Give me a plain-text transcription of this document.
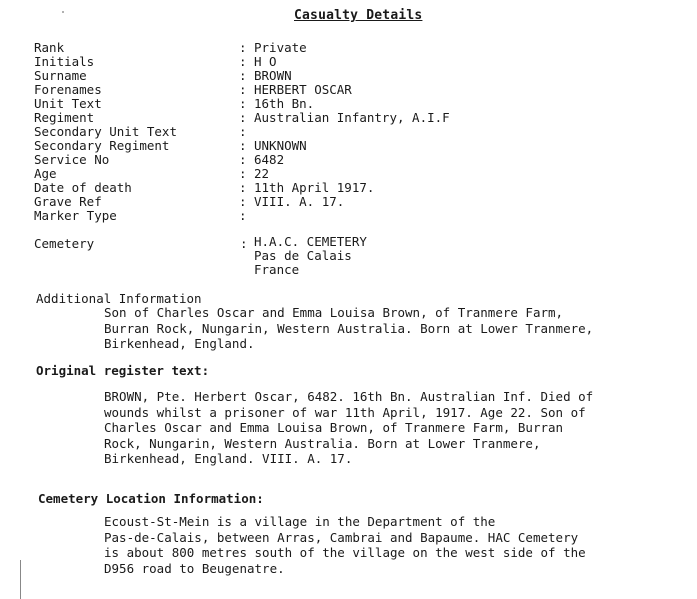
Casualty Details
Rank	: Private
Initials	: H O
Surname	: BROWN
Forenames	: HERBERT OSCAR
Unit Text	: 16th Bn.
Regiment	: Australian Infantry, A.I.F
Secondary Unit Text	:
Secondary Regiment	: UNKNOWN
Service No	: 6482
Age	: 22
Date of death	: 11th April 1917.
Grave Ref	: VIII. A. 17.
Marker Type	:
Cemetery	: H.A.C. CEMETERY
Pas de Calais
France
Additional Information
Son of Charles Oscar and Emma Louisa Brown, of Tranmere Farm,
Burran Rock, Nungarin, Western Australia. Born at Lower Tranmere,
Birkenhead, England.
Original register text:
BROWN, Pte. Herbert Oscar, 6482. 16th Bn. Australian Inf. Died of
wounds whilst a prisoner of war 11th April, 1917. Age 22. Son of
Charles Oscar and Emma Louisa Brown, of Tranmere Farm, Burran
Rock, Nungarin, Western Australia. Born at Lower Tranmere,
Birkenhead, England. VIII. A. 17.
Cemetery Location Information:
Ecoust-St-Mein is a village in the Department of the
Pas-de-Calais, between Arras, Cambrai and Bapaume. HAC Cemetery
is about 800 metres south of the village on the west side of the
D956 road to Beugenatre.
